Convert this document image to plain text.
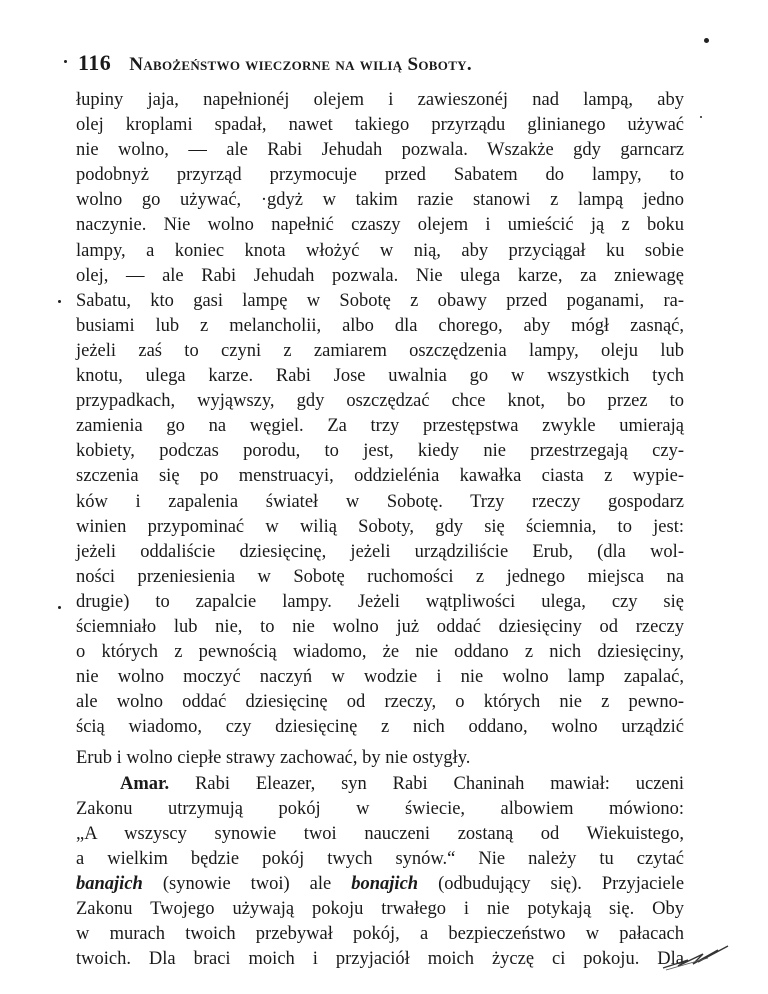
116 Nabożeństwo wieczorne na wilią Soboty.
łupiny jaja, napełnionéj olejem i zawieszonéj nad lampą, aby
olej kroplami spadał, nawet takiego przyrządu glinianego używać
nie wolno, — ale Rabi Jehudah pozwala. Wszakże gdy garncarz
podobnyż przyrząd przymocuje przed Sabatem do lampy, to
wolno go używać, ·gdyż w takim razie stanowi z lampą jedno
naczynie. Nie wolno napełnić czaszy olejem i umieścić ją z boku
lampy, a koniec knota włożyć w nią, aby przyciągał ku sobie
olej, — ale Rabi Jehudah pozwala. Nie ulega karze, za zniewagę
Sabatu, kto gasi lampę w Sobotę z obawy przed poganami, ra-
busiami lub z melancholii, albo dla chorego, aby mógł zasnąć,
jeżeli zaś to czyni z zamiarem oszczędzenia lampy, oleju lub
knotu, ulega karze. Rabi Jose uwalnia go w wszystkich tych
przypadkach, wyjąwszy, gdy oszczędzać chce knot, bo przez to
zamienia go na węgiel. Za trzy przestępstwa zwykle umierają
kobiety, podczas porodu, to jest, kiedy nie przestrzegają czy-
szczenia się po menstruacyi, oddzielénia kawałka ciasta z wypie-
ków i zapalenia świateł w Sobotę. Trzy rzeczy gospodarz
winien przypominać w wilią Soboty, gdy się ściemnia, to jest:
jeżeli oddaliście dziesięcinę, jeżeli urządziliście Erub, (dla wol-
ności przeniesienia w Sobotę ruchomości z jednego miejsca na
drugie) to zapalcie lampy. Jeżeli wątpliwości ulega, czy się
ściemniało lub nie, to nie wolno już oddać dziesięciny od rzeczy
o których z pewnością wiadomo, że nie oddano z nich dziesięciny,
nie wolno moczyć naczyń w wodzie i nie wolno lamp zapalać,
ale wolno oddać dziesięcinę od rzeczy, o których nie z pewno-
ścią wiadomo, czy dziesięcinę z nich oddano, wolno urządzić
Erub i wolno ciepłe strawy zachować, by nie ostygły.
Amar. Rabi Eleazer, syn Rabi Chaninah mawiał: uczeni
Zakonu utrzymują pokój w świecie, albowiem mówiono:
„A wszyscy synowie twoi nauczeni zostaną od Wiekuistego,
a wielkim będzie pokój twych synów.“ Nie należy tu czytać
banajich (synowie twoi) ale bonajich (odbudujący się). Przyjaciele
Zakonu Twojego używają pokoju trwałego i nie potykają się. Oby
w murach twoich przebywał pokój, a bezpieczeństwo w pałacach
twoich. Dla braci moich i przyjaciół moich życzę ci pokoju. Dla
